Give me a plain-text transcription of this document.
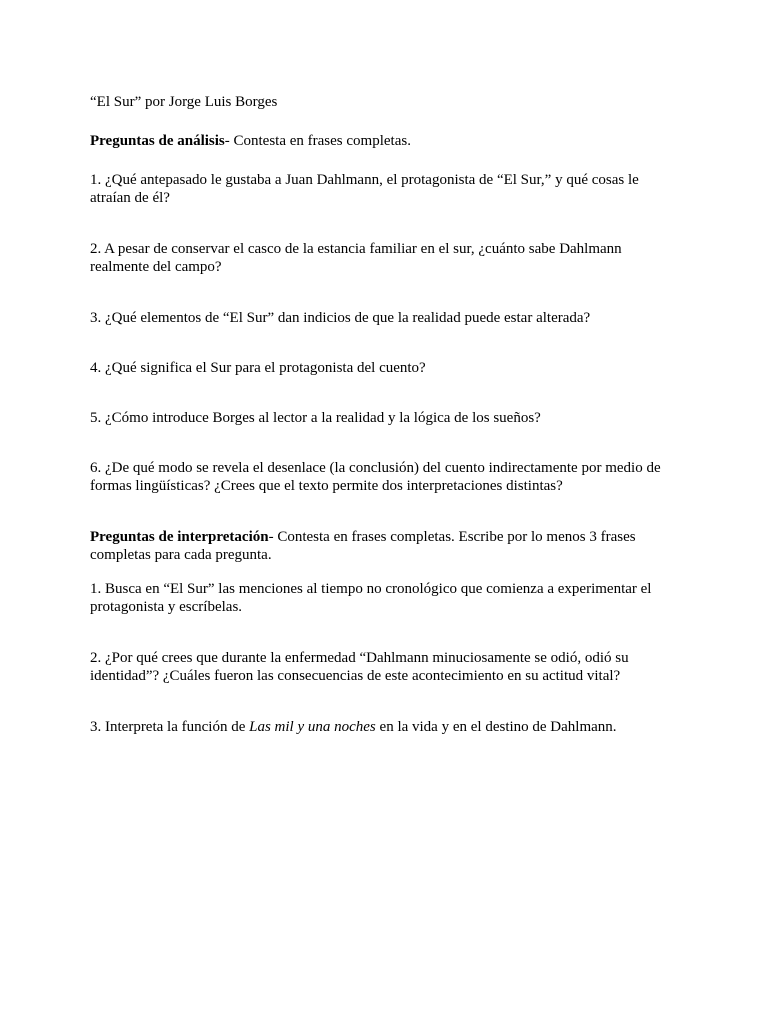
“El Sur” por Jorge Luis Borges

Preguntas de análisis- Contesta en frases completas.

1. ¿Qué antepasado le gustaba a Juan Dahlmann, el protagonista de “El Sur,” y qué cosas le atraían de él?

2. A pesar de conservar el casco de la estancia familiar en el sur, ¿cuánto sabe Dahlmann realmente del campo?

3. ¿Qué elementos de “El Sur” dan indicios de que la realidad puede estar alterada?

4. ¿Qué significa el Sur para el protagonista del cuento?

5. ¿Cómo introduce Borges al lector a la realidad y la lógica de los sueños?

6. ¿De qué modo se revela el desenlace (la conclusión) del cuento indirectamente por medio de formas lingüísticas? ¿Crees que el texto permite dos interpretaciones distintas?

Preguntas de interpretación- Contesta en frases completas. Escribe por lo menos 3 frases completas para cada pregunta.

1. Busca en “El Sur” las menciones al tiempo no cronológico que comienza a experimentar el protagonista y escríbelas.

2. ¿Por qué crees que durante la enfermedad “Dahlmann minuciosamente se odió, odió su identidad”? ¿Cuáles fueron las consecuencias de este acontecimiento en su actitud vital?

3. Interpreta la función de Las mil y una noches en la vida y en el destino de Dahlmann.
